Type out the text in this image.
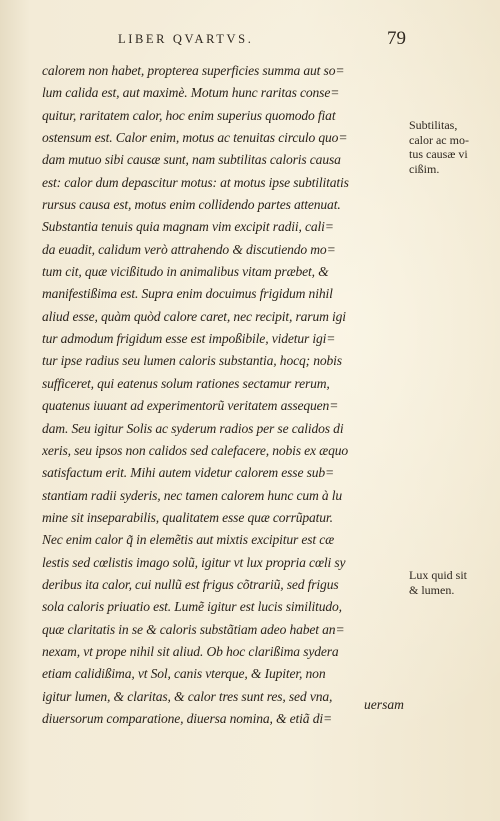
LIBER QVARTVS.	79
calorem non habet, propterea superficies summa aut so=
lum calida est, aut maximè. Motum hunc raritas conse=
quitur, raritatem calor, hoc enim superius quomodo fiat
ostensum est. Calor enim, motus ac tenuitas circulo quo=
dam mutuo sibi causæ sunt, nam subtilitas caloris causa
est: calor dum depascitur motus: at motus ipse subtilitatis
rursus causa est, motus enim collidendo partes attenuat.
Substantia tenuis quia magnam vim excipit radii, cali=
da euadit, calidum verò attrahendo & discutiendo mo=
tum cit, quæ vicißitudo in animalibus vitam præbet, &
manifestißima est. Supra enim docuimus frigidum nihil
aliud esse, quàm quòd calore caret, nec recipit, rarum igi
tur admodum frigidum esse est impoßibile, videtur igi=
tur ipse radius seu lumen caloris substantia, hocq; nobis
sufficeret, qui eatenus solum rationes sectamur rerum,
quatenus iuuant ad experimentorũ veritatem assequen=
dam. Seu igitur Solis ac syderum radios per se calidos di
xeris, seu ipsos non calidos sed calefacere, nobis ex æquo
satisfactum erit. Mihi autem videtur calorem esse sub=
stantiam radii syderis, nec tamen calorem hunc cum à lu
mine sit inseparabilis, qualitatem esse quæ corrũpatur.
Nec enim calor q̃ in elemẽtis aut mixtis excipitur est cæ
lestis sed cœlistis imago solũ, igitur vt lux propria cœli sy
deribus ita calor, cui nullũ est frigus cõtrariũ, sed frigus
sola caloris priuatio est. Lumẽ igitur est lucis similitudo,
quæ claritatis in se & caloris substãtiam adeo habet an=
nexam, vt prope nihil sit aliud. Ob hoc clarißima sydera
etiam calidißima, vt Sol, canis vterque, & Iupiter, non
igitur lumen, & claritas, & calor tres sunt res, sed vna,
diuersorum comparatione, diuersa nomina, & etiã di=
uersam
Subtilitas,
calor ac mo-
tus causæ vi
cißim.
Lux quid sit
& lumen.
